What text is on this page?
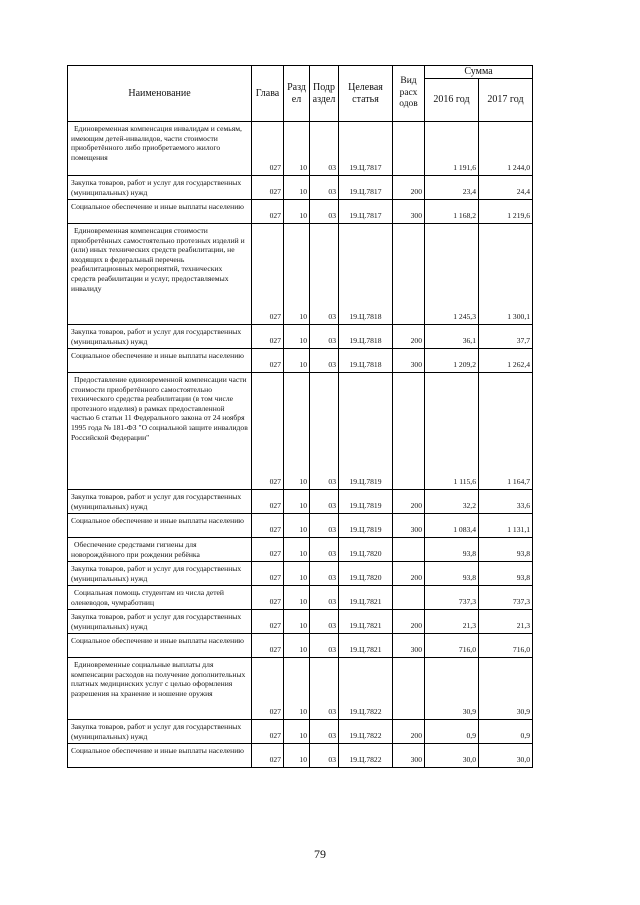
Наименование	Глава	Разд ел	Подр аздел	Целевая статья	Вид расх одов	Сумма	
						2016 год	2017 год
Единовременная компенсация инвалидам и семьям, имеющим детей-инвалидов, части стоимости приобретённого либо приобретаемого жилого помещения	027	10	03	19.Ц.7817		1 191,6	1 244,0
Закупка товаров, работ и услуг для государственных (муниципальных) нужд	027	10	03	19.Ц.7817	200	23,4	24,4
Социальное обеспечение и иные выплаты населению	027	10	03	19.Ц.7817	300	1 168,2	1 219,6
Единовременная компенсация стоимости приобретённых самостоятельно протезных изделий и (или) иных технических средств реабилитации, не входящих в федеральный перечень реабилитационных мероприятий, технических средств реабилитации и услуг, предоставляемых инвалиду	027	10	03	19.Ц.7818		1 245,3	1 300,1
Закупка товаров, работ и услуг для государственных (муниципальных) нужд	027	10	03	19.Ц.7818	200	36,1	37,7
Социальное обеспечение и иные выплаты населению	027	10	03	19.Ц.7818	300	1 209,2	1 262,4
Предоставление единовременной компенсации части стоимости приобретённого самостоятельно технического средства реабилитации (в том числе протезного изделия) в рамках предоставленной частью 6 статьи 11 Федерального закона от 24 ноября 1995 года № 181-ФЗ "О социальной защите инвалидов Российской Федерации"	027	10	03	19.Ц.7819		1 115,6	1 164,7
Закупка товаров, работ и услуг для государственных (муниципальных) нужд	027	10	03	19.Ц.7819	200	32,2	33,6
Социальное обеспечение и иные выплаты населению	027	10	03	19.Ц.7819	300	1 083,4	1 131,1
Обеспечение средствами гигиены для новорождённого при рождении ребёнка	027	10	03	19.Ц.7820		93,8	93,8
Закупка товаров, работ и услуг для государственных (муниципальных) нужд	027	10	03	19.Ц.7820	200	93,8	93,8
Социальная помощь студентам из числа детей оленеводов, чумработниц	027	10	03	19.Ц.7821		737,3	737,3
Закупка товаров, работ и услуг для государственных (муниципальных) нужд	027	10	03	19.Ц.7821	200	21,3	21,3
Социальное обеспечение и иные выплаты населению	027	10	03	19.Ц.7821	300	716,0	716,0
Единовременные социальные выплаты для компенсации расходов на получение дополнительных платных медицинских услуг с целью оформления разрешения на хранение и ношение оружия	027	10	03	19.Ц.7822		30,9	30,9
Закупка товаров, работ и услуг для государственных (муниципальных) нужд	027	10	03	19.Ц.7822	200	0,9	0,9
Социальное обеспечение и иные выплаты населению	027	10	03	19.Ц.7822	300	30,0	30,0
79
